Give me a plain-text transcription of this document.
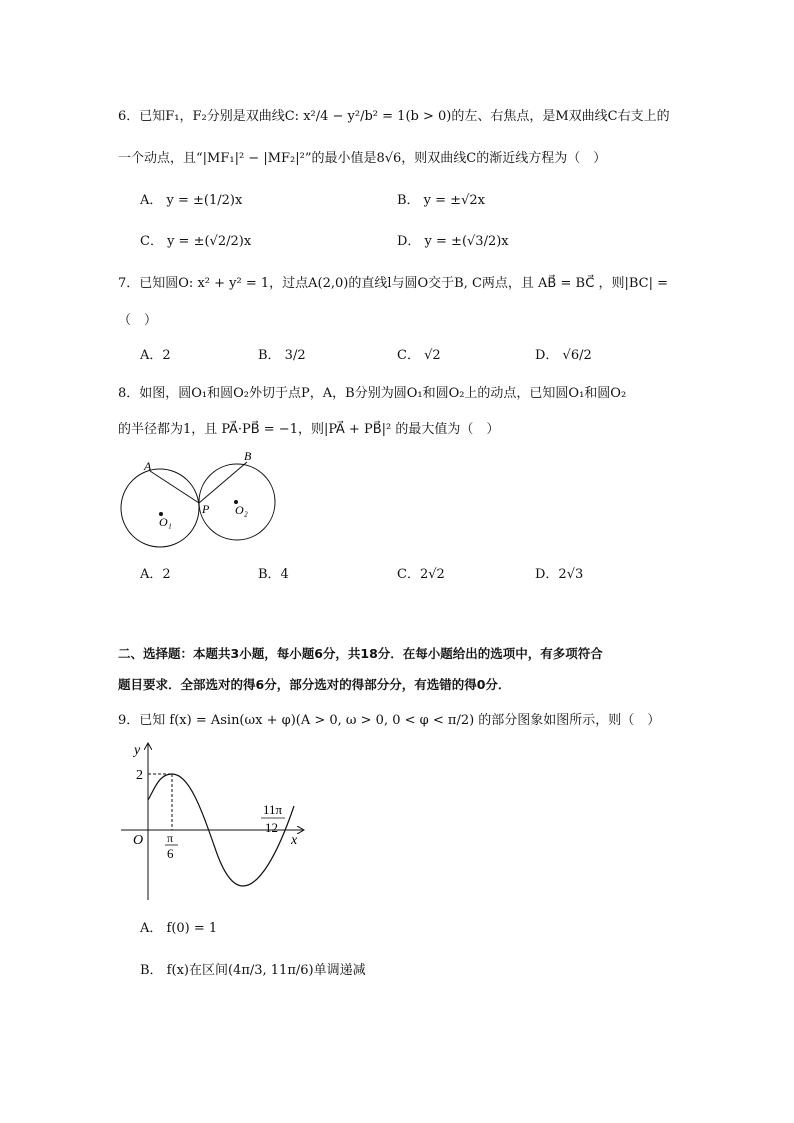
6．已知F₁，F₂分别是双曲线C: x²/4 − y²/b² = 1(b > 0)的左、右焦点，是M双曲线C右支上的
一个动点，且“|MF₁|² − |MF₂|²”的最小值是8√6，则双曲线C的渐近线方程为（　）
A． y = ±(1/2)x	B． y = ±√2x
C． y = ±(√2/2)x	D． y = ±(√3/2)x
7．已知圆O: x² + y² = 1，过点A(2,0)的直线l与圆O交于B, C两点，且 AB⃗ = BC⃗ ，则|BC| =
（　）
A．2	B． 3/2	C． √2	D． √6/2
8．如图，圆O₁和圆O₂外切于点P，A，B分别为圆O₁和圆O₂上的动点，已知圆O₁和圆O₂
的半径都为1，且 PA⃗·PB⃗ = −1，则|PA⃗ + PB⃗|² 的最大值为（　）
A
B
P
O₁
O₂
A．2	B．4	C．2√2	D．2√3
二、选择题：本题共3小题，每小题6分，共18分．在每小题给出的选项中，有多项符合
题目要求．全部选对的得6分，部分选对的得部分分，有选错的得0分．
9．已知 f(x) = Asin(ωx + φ)(A > 0, ω > 0, 0 < φ < π/2) 的部分图象如图所示，则（　）
y
2
O	x
π
6
11π
12
A． f(0) = 1
B． f(x)在区间(4π/3, 11π/6)单调递减
